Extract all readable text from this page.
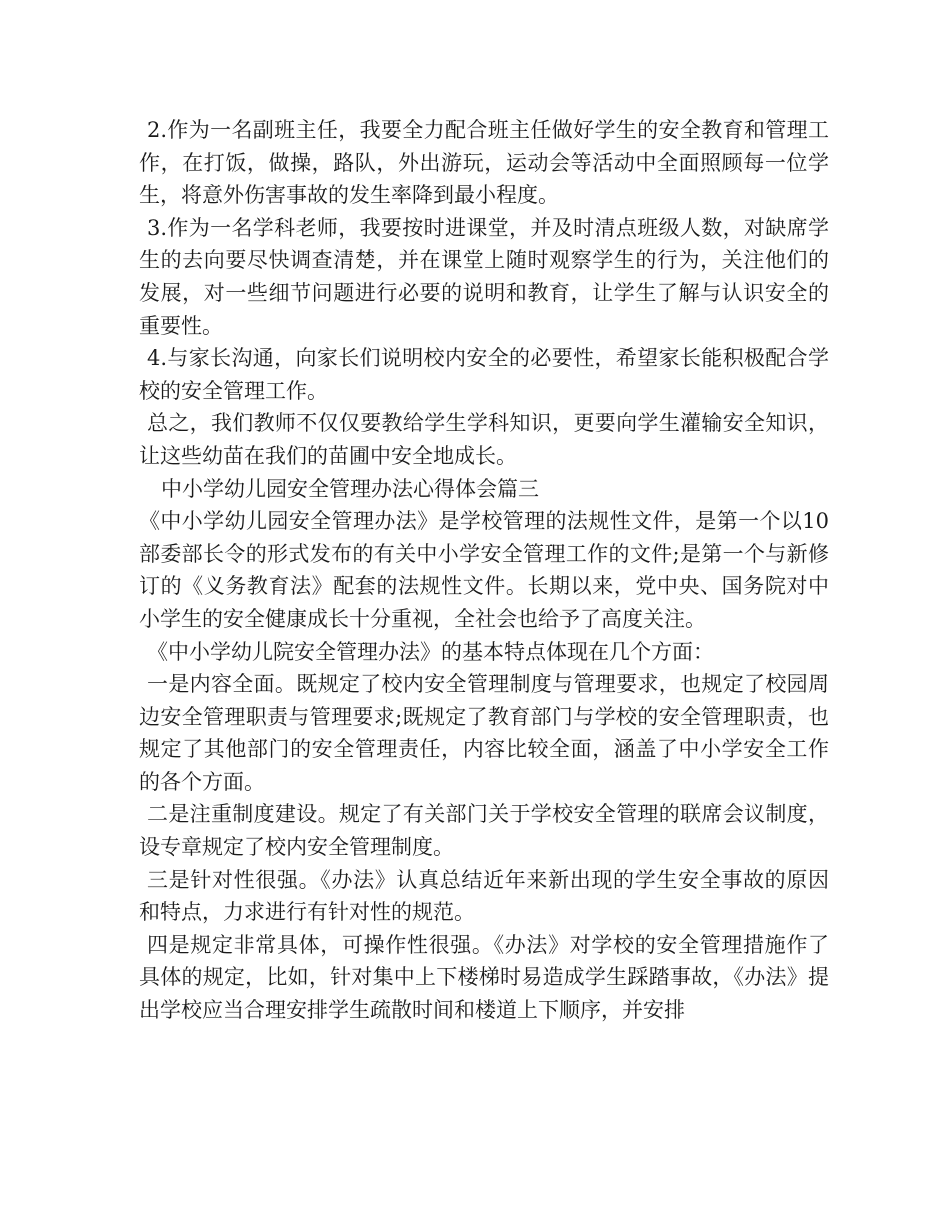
2.作为一名副班主任，我要全力配合班主任做好学生的安全教育和管理工作，在打饭，做操，路队，外出游玩，运动会等活动中全面照顾每一位学生，将意外伤害事故的发生率降到最小程度。

3.作为一名学科老师，我要按时进课堂，并及时清点班级人数，对缺席学生的去向要尽快调查清楚，并在课堂上随时观察学生的行为，关注他们的发展，对一些细节问题进行必要的说明和教育，让学生了解与认识安全的重要性。

4.与家长沟通，向家长们说明校内安全的必要性，希望家长能积极配合学校的安全管理工作。

总之，我们教师不仅仅要教给学生学科知识，更要向学生灌输安全知识，让这些幼苗在我们的苗圃中安全地成长。

中小学幼儿园安全管理办法心得体会篇三

《中小学幼儿园安全管理办法》是学校管理的法规性文件，是第一个以10部委部长令的形式发布的有关中小学安全管理工作的文件;是第一个与新修订的《义务教育法》配套的法规性文件。长期以来，党中央、国务院对中小学生的安全健康成长十分重视，全社会也给予了高度关注。

《中小学幼儿院安全管理办法》的基本特点体现在几个方面：

一是内容全面。既规定了校内安全管理制度与管理要求，也规定了校园周边安全管理职责与管理要求;既规定了教育部门与学校的安全管理职责，也规定了其他部门的安全管理责任，内容比较全面，涵盖了中小学安全工作的各个方面。

二是注重制度建设。规定了有关部门关于学校安全管理的联席会议制度，设专章规定了校内安全管理制度。

三是针对性很强。《办法》认真总结近年来新出现的学生安全事故的原因和特点，力求进行有针对性的规范。

四是规定非常具体，可操作性很强。《办法》对学校的安全管理措施作了具体的规定，比如，针对集中上下楼梯时易造成学生踩踏事故，《办法》提出学校应当合理安排学生疏散时间和楼道上下顺序，并安排
